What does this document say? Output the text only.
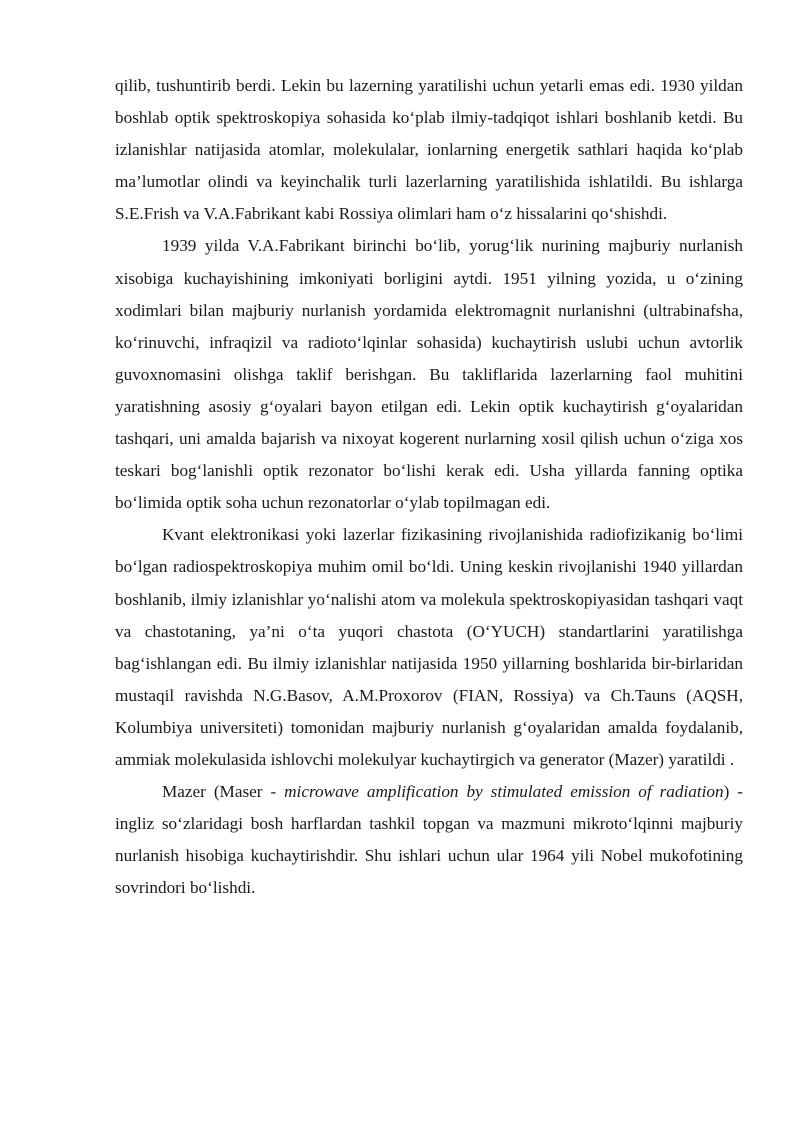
qilib, tushuntirib berdi. Lekin bu lazerning yaratilishi uchun yetarli emas edi. 1930 yildan boshlab optik spektroskopiya sohasida ko‘plab ilmiy-tadqiqot ishlari boshlanib ketdi. Bu izlanishlar natijasida atomlar, molekulalar, ionlarning energetik sathlari haqida ko‘plab ma’lumotlar olindi va keyinchalik turli lazerlarning yaratilishida ishlatildi. Bu ishlarga S.E.Frish va V.A.Fabrikant kabi Rossiya olimlari ham o‘z hissalarini qo‘shishdi.

1939 yilda V.A.Fabrikant birinchi bo‘lib, yorug‘lik nurining majburiy nurlanish xisobiga kuchayishining imkoniyati borligini aytdi. 1951 yilning yozida, u o‘zining xodimlari bilan majburiy nurlanish yordamida elektromagnit nurlanishni (ultrabinafsha, ko‘rinuvchi, infraqizil va radioto‘lqinlar sohasida) kuchaytirish uslubi uchun avtorlik guvoxnomasini olishga taklif berishgan. Bu takliflarida lazerlarning faol muhitini yaratishning asosiy g‘oyalari bayon etilgan edi. Lekin optik kuchaytirish g‘oyalaridan tashqari, uni amalda bajarish va nixoyat kogerent nurlarning xosil qilish uchun o‘ziga xos teskari bog‘lanishli optik rezonator bo‘lishi kerak edi. Usha yillarda fanning optika bo‘limida optik soha uchun rezonatorlar o‘ylab topilmagan edi.

Kvant elektronikasi yoki lazerlar fizikasining rivojlanishida radiofizikanig bo‘limi bo‘lgan radiospektroskopiya muhim omil bo‘ldi. Uning keskin rivojlanishi 1940 yillardan boshlanib, ilmiy izlanishlar yo‘nalishi atom va molekula spektroskopiyasidan tashqari vaqt va chastotaning, ya’ni o‘ta yuqori chastota (O‘YUCH) standartlarini yaratilishga bag‘ishlangan edi. Bu ilmiy izlanishlar natijasida 1950 yillarning boshlarida bir-birlaridan mustaqil ravishda N.G.Basov, A.M.Proxorov (FIAN, Rossiya) va Ch.Tauns (AQSH, Kolumbiya universiteti) tomonidan majburiy nurlanish g‘oyalaridan amalda foydalanib, ammiak molekulasida ishlovchi molekulyar kuchaytirgich va generator (Mazer) yaratildi .

Mazer (Maser - microwave amplification by stimulated emission of radiation) - ingliz so‘zlaridagi bosh harflardan tashkil topgan va mazmuni mikroto‘lqinni majburiy nurlanish hisobiga kuchaytirishdir. Shu ishlari uchun ular 1964 yili Nobel mukofotining sovrindori bo‘lishdi.
